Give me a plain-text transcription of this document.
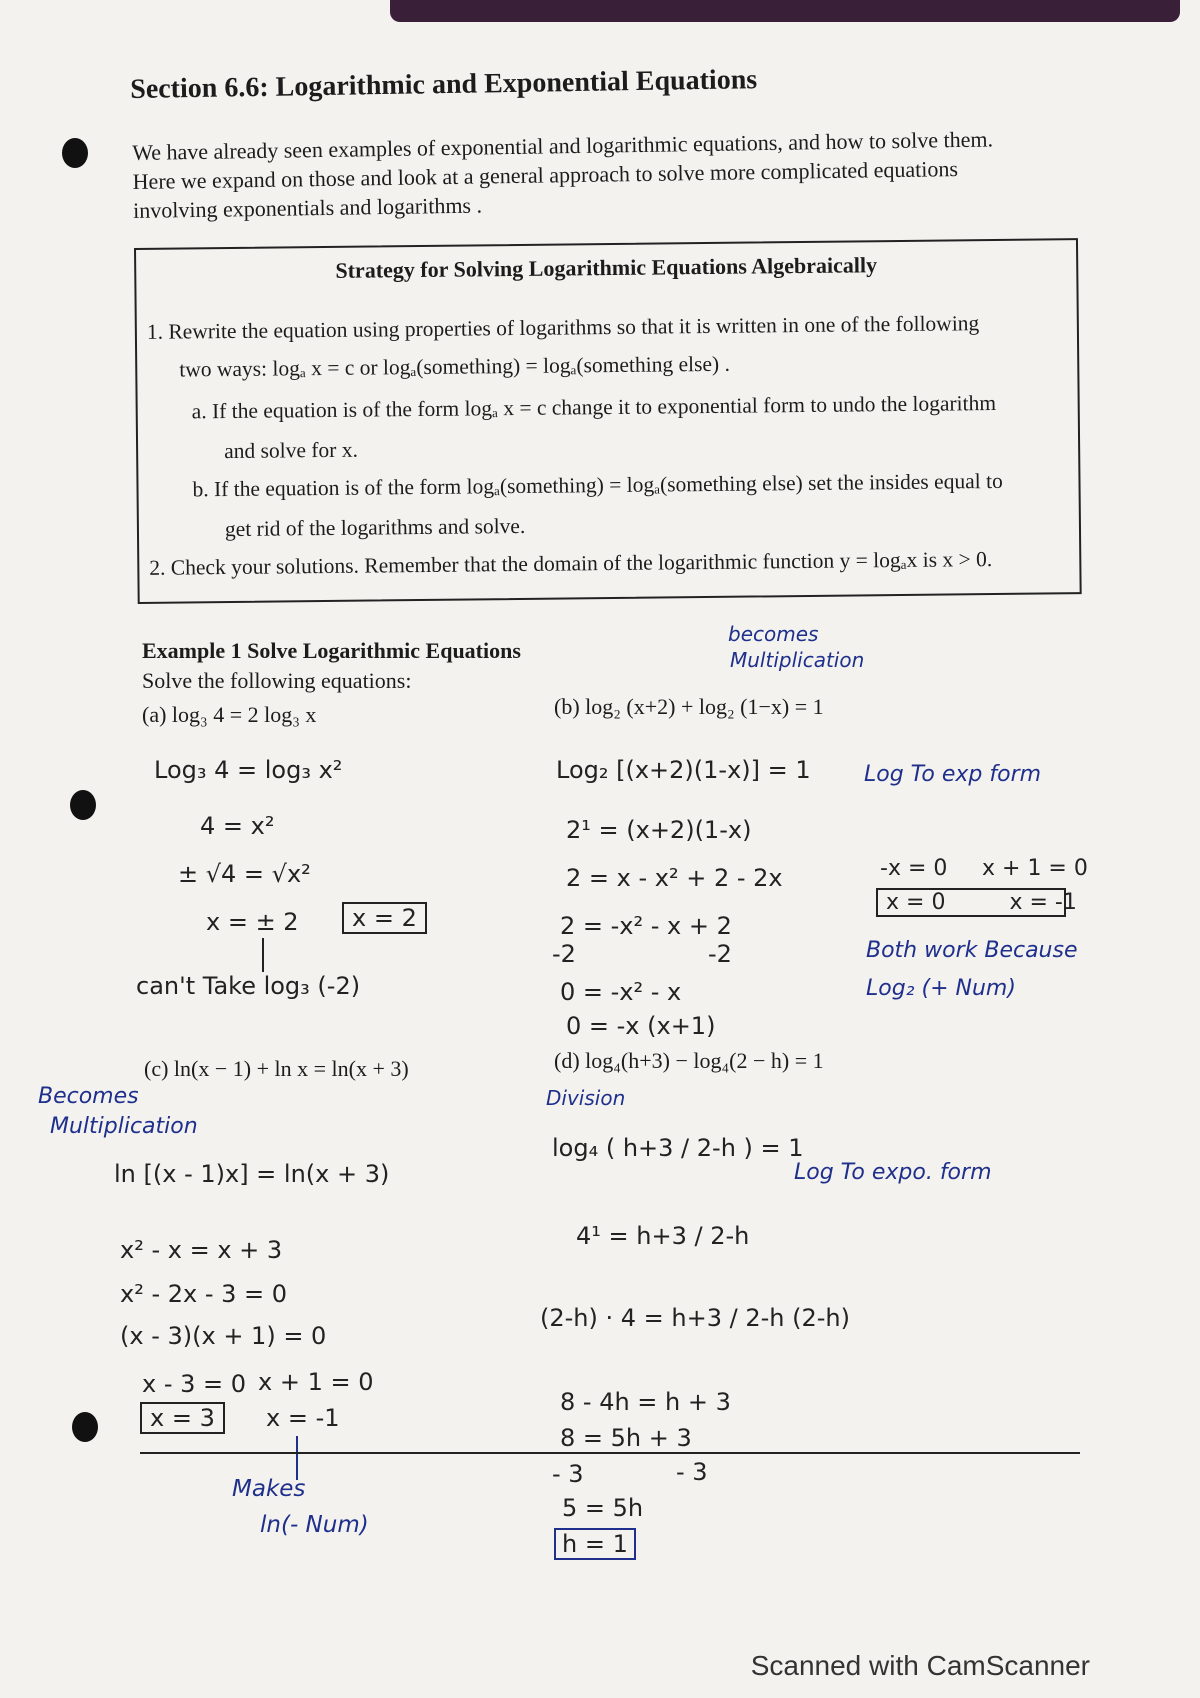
Section 6.6: Logarithmic and Exponential Equations
We have already seen examples of exponential and logarithmic equations, and how to solve them.
Here we expand on those and look at a general approach to solve more complicated equations
involving exponentials and logarithms .
Strategy for Solving Logarithmic Equations Algebraically
1. Rewrite the equation using properties of logarithms so that it is written in one of the following
two ways: logₐ x = c or logₐ(something) = logₐ(something else) .
a. If the equation is of the form logₐ x = c change it to exponential form to undo the logarithm
and solve for x.
b. If the equation is of the form logₐ(something) = logₐ(something else) set the insides equal to
get rid of the logarithms and solve.
2. Check your solutions. Remember that the domain of the logarithmic function y = logₐx is x > 0.
Example 1 Solve Logarithmic Equations
Solve the following equations:
(a) log₃ 4 = 2 log₃ x
Log₃ 4 = log₃ x²
4 = x²
± √4 = √x²
x = ± 2	x = 2
can't Take log₃ (-2)
becomes
Multiplication
(b) log₂ (x+2) + log₂ (1−x) = 1
Log₂ [(x+2)(1-x)] = 1 Log To exp form
2¹ = (x+2)(1-x)
2 = x - x² + 2 - 2x
2 = -x² - x + 2
-2	-2
0 = -x² - x
0 = -x (x+1)
-x = 0 x + 1 = 0
x = 0	x = -1
Both work Because
Log₂ (+ Num)
(c) ln(x − 1) + ln x = ln(x + 3)
Becomes
Multiplication
ln [(x - 1)x] = ln(x + 3)
x² - x = x + 3
x² - 2x - 3 = 0
(x - 3)(x + 1) = 0
x - 3 = 0 x + 1 = 0
x = 3	x = -1
Makes
ln(- Num)
(d) log₄(h+3) − log₄(2 − h) = 1
Division
log₄ ( h+3 / 2-h ) = 1
Log To expo. form
4¹ = h+3 / 2-h
(2-h) · 4 = h+3 / 2-h (2-h)
8 - 4h = h + 3
8 = 5h + 3
- 3	- 3
5 = 5h
h = 1
Scanned with CamScanner
